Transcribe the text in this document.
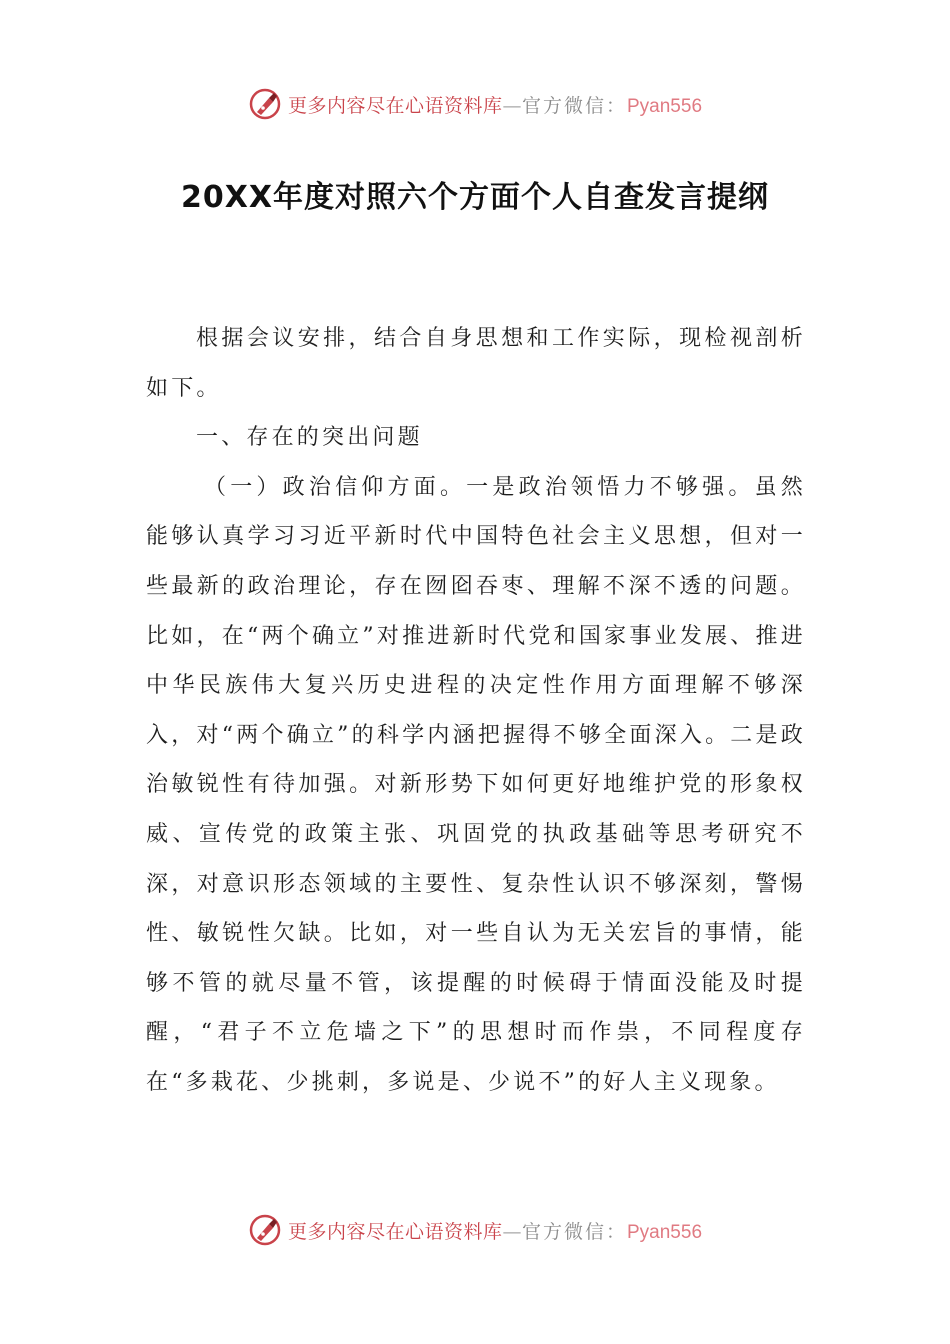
更多内容尽在心语资料库—官方微信：Pyan556
20XX年度对照六个方面个人自查发言提纲

根据会议安排，结合自身思想和工作实际，现检视剖析如下。

一、存在的突出问题

（一）政治信仰方面。一是政治领悟力不够强。虽然能够认真学习习近平新时代中国特色社会主义思想，但对一些最新的政治理论，存在囫囵吞枣、理解不深不透的问题。比如，在“两个确立”对推进新时代党和国家事业发展、推进中华民族伟大复兴历史进程的决定性作用方面理解不够深入，对“两个确立”的科学内涵把握得不够全面深入。二是政治敏锐性有待加强。对新形势下如何更好地维护党的形象权威、宣传党的政策主张、巩固党的执政基础等思考研究不深，对意识形态领域的主要性、复杂性认识不够深刻，警惕性、敏锐性欠缺。比如，对一些自认为无关宏旨的事情，能够不管的就尽量不管，该提醒的时候碍于情面没能及时提醒，“君子不立危墙之下”的思想时而作祟，不同程度存在“多栽花、少挑刺，多说是、少说不”的好人主义现象。

更多内容尽在心语资料库—官方微信：Pyan556
